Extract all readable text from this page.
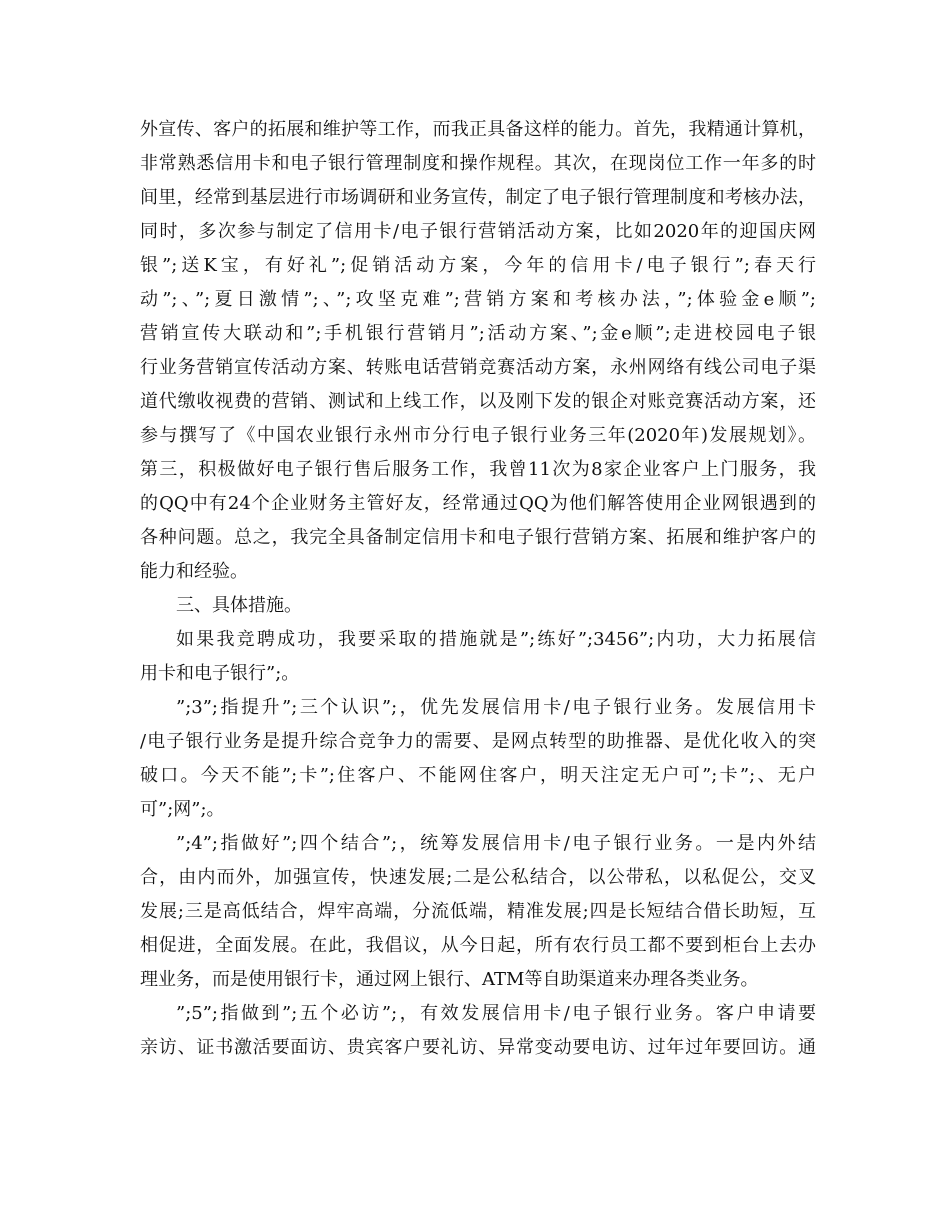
外宣传、客户的拓展和维护等工作，而我正具备这样的能力。首先，我精通计算机，
非常熟悉信用卡和电子银行管理制度和操作规程。其次，在现岗位工作一年多的时
间里，经常到基层进行市场调研和业务宣传，制定了电子银行管理制度和考核办法，
同时，多次参与制定了信用卡/电子银行营销活动方案，比如2020年的迎国庆网
银”;送K宝，有好礼”;促销活动方案，今年的信用卡/电子银行”;春天行
动”;、”;夏日激情”;、”;攻坚克难”;营销方案和考核办法，”;体验金e顺”;
营销宣传大联动和”;手机银行营销月”;活动方案、”;金e顺”;走进校园电子银
行业务营销宣传活动方案、转账电话营销竞赛活动方案，永州网络有线公司电子渠
道代缴收视费的营销、测试和上线工作，以及刚下发的银企对账竞赛活动方案，还
参与撰写了《中国农业银行永州市分行电子银行业务三年(2020年)发展规划》。
第三，积极做好电子银行售后服务工作，我曾11次为8家企业客户上门服务，我
的QQ中有24个企业财务主管好友，经常通过QQ为他们解答使用企业网银遇到的
各种问题。总之，我完全具备制定信用卡和电子银行营销方案、拓展和维护客户的
能力和经验。
三、具体措施。
如果我竞聘成功，我要采取的措施就是”;练好”;3456”;内功，大力拓展信
用卡和电子银行”;。
”;3”;指提升”;三个认识”;，优先发展信用卡/电子银行业务。发展信用卡
/电子银行业务是提升综合竞争力的需要、是网点转型的助推器、是优化收入的突
破口。今天不能”;卡”;住客户、不能网住客户，明天注定无户可”;卡”;、无户
可”;网”;。
”;4”;指做好”;四个结合”;，统筹发展信用卡/电子银行业务。一是内外结
合，由内而外，加强宣传，快速发展;二是公私结合，以公带私，以私促公，交叉
发展;三是高低结合，焊牢高端，分流低端，精准发展;四是长短结合借长助短，互
相促进，全面发展。在此，我倡议，从今日起，所有农行员工都不要到柜台上去办
理业务，而是使用银行卡，通过网上银行、ATM等自助渠道来办理各类业务。
”;5”;指做到”;五个必访”;，有效发展信用卡/电子银行业务。客户申请要
亲访、证书激活要面访、贵宾客户要礼访、异常变动要电访、过年过年要回访。通
